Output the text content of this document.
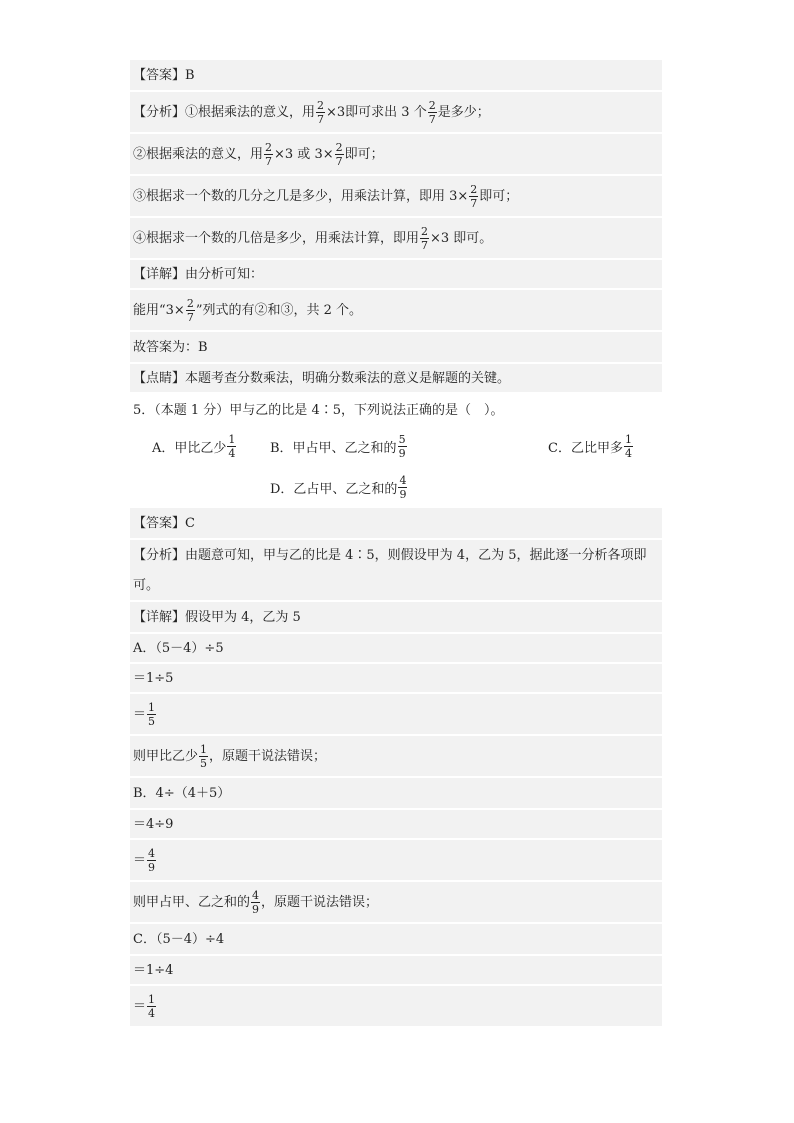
【答案】B
【分析】①根据乘法的意义，用 $\frac{2}{7} \times 3$即可求出 3 个 $\frac{2}{7}$ 是多少；
②根据乘法的意义，用 $\frac{2}{7} \times 3$ 或 $3\times \frac{2}{7}$ 即可；
③根据求一个数的几分之几是多少，用乘法计算，即用 $3\times \frac{2}{7}$ 即可；
④根据求一个数的几倍是多少，用乘法计算，即用 $\frac{2}{7} \times 3$ 即可。
【详解】由分析可知：
能用“$3\times \frac{2}{7}$ ”列式的有②和③，共 2 个。
故答案为：B
【点睛】本题考查分数乘法，明确分数乘法的意义是解题的关键。
5．（本题 1 分）甲与乙的比是 4∶5，下列说法正确的是（　）。
A．甲比乙少 $\frac{1}{4}$	B．甲占甲、乙之和的 $\frac{5}{9}$	C．乙比甲多 $\frac{1}{4}$
D．乙占甲、乙之和的 $\frac{4}{9}$
【答案】C
【分析】由题意可知，甲与乙的比是 4∶5，则假设甲为 4，乙为 5，据此逐一分析各项即
可。
【详解】假设甲为 4，乙为 5
A．（5－4）÷5
＝1÷5
＝ $\frac{1}{5}$
则甲比乙少 $\frac{1}{5}$ ，原题干说法错误；
B．4÷（4＋5）
＝4÷9
＝ $\frac{4}{9}$
则甲占甲、乙之和的 $\frac{4}{9}$ ，原题干说法错误；
C．（5－4）÷4
＝1÷4
＝ $\frac{1}{4}$
